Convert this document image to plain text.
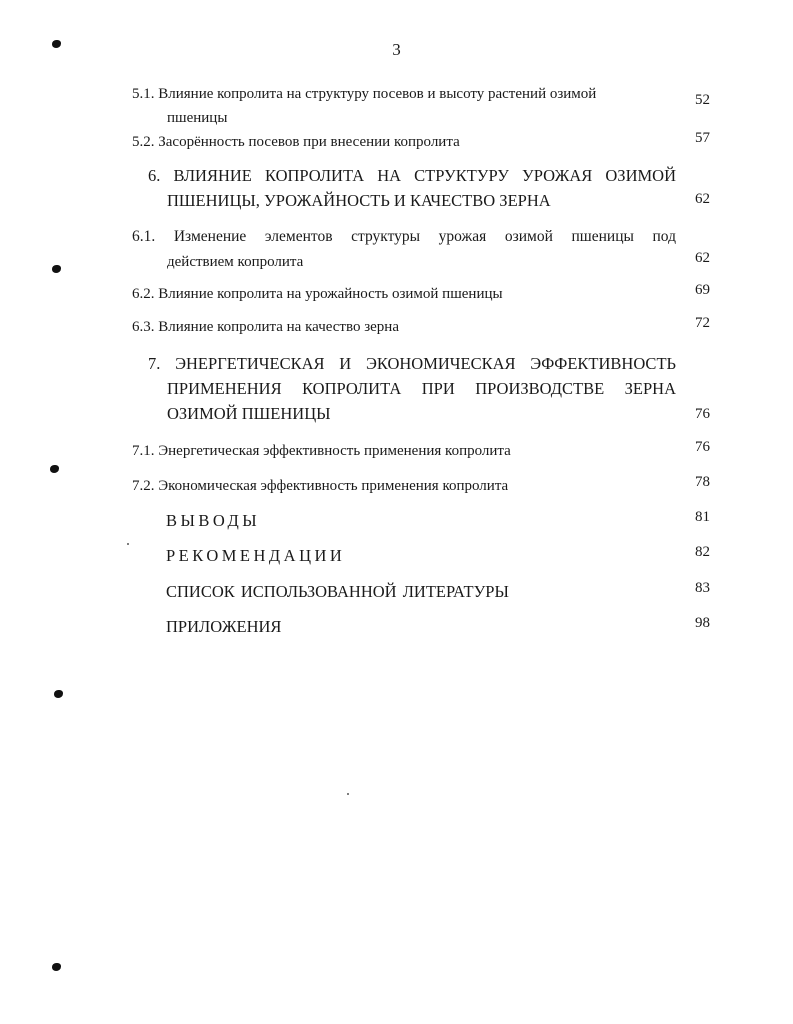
3
5.1. Влияние копролита на структуру посевов и высоту растений озимой
пшеницы
52
5.2. Засорённость посевов при внесении копролита	57
6. ВЛИЯНИЕ КОПРОЛИТА НА СТРУКТУРУ УРОЖАЯ ОЗИМОЙ
ПШЕНИЦЫ, УРОЖАЙНОСТЬ И КАЧЕСТВО ЗЕРНА	62
6.1. Изменение элементов структуры урожая озимой пшеницы под
действием копролита	62
6.2. Влияние копролита на урожайность озимой пшеницы	69
6.3. Влияние копролита на качество зерна	72
7. ЭНЕРГЕТИЧЕСКАЯ И ЭКОНОМИЧЕСКАЯ ЭФФЕКТИВНОСТЬ
ПРИМЕНЕНИЯ КОПРОЛИТА ПРИ ПРОИЗВОДСТВЕ ЗЕРНА
ОЗИМОЙ ПШЕНИЦЫ	76
7.1. Энергетическая эффективность применения копролита	76
7.2. Экономическая эффективность применения копролита	78
ВЫВОДЫ	81
РЕКОМЕНДАЦИИ	82
СПИСОК ИСПОЛЬЗОВАННОЙ ЛИТЕРАТУРЫ	83
ПРИЛОЖЕНИЯ	98
